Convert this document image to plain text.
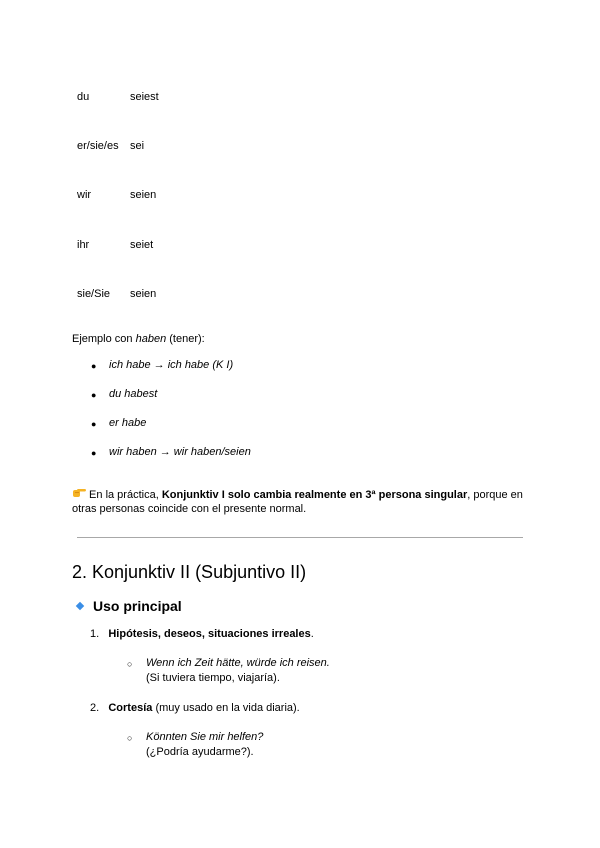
du	seiest
er/sie/es sei
wir	seien
ihr	seiet
sie/Sie seien
Ejemplo con haben (tener):
● ich habe → ich habe (K I)
● du habest
● er habe
● wir haben → wir haben/seien
En la práctica, Konjunktiv I solo cambia realmente en 3ª persona singular, porque en
otras personas coincide con el presente normal.
2. Konjunktiv II (Subjuntivo II)
Uso principal
1. Hipótesis, deseos, situaciones irreales.
○ Wenn ich Zeit hätte, würde ich reisen.
(Si tuviera tiempo, viajaría).
2. Cortesía (muy usado en la vida diaria).
○ Könnten Sie mir helfen?
(¿Podría ayudarme?).
